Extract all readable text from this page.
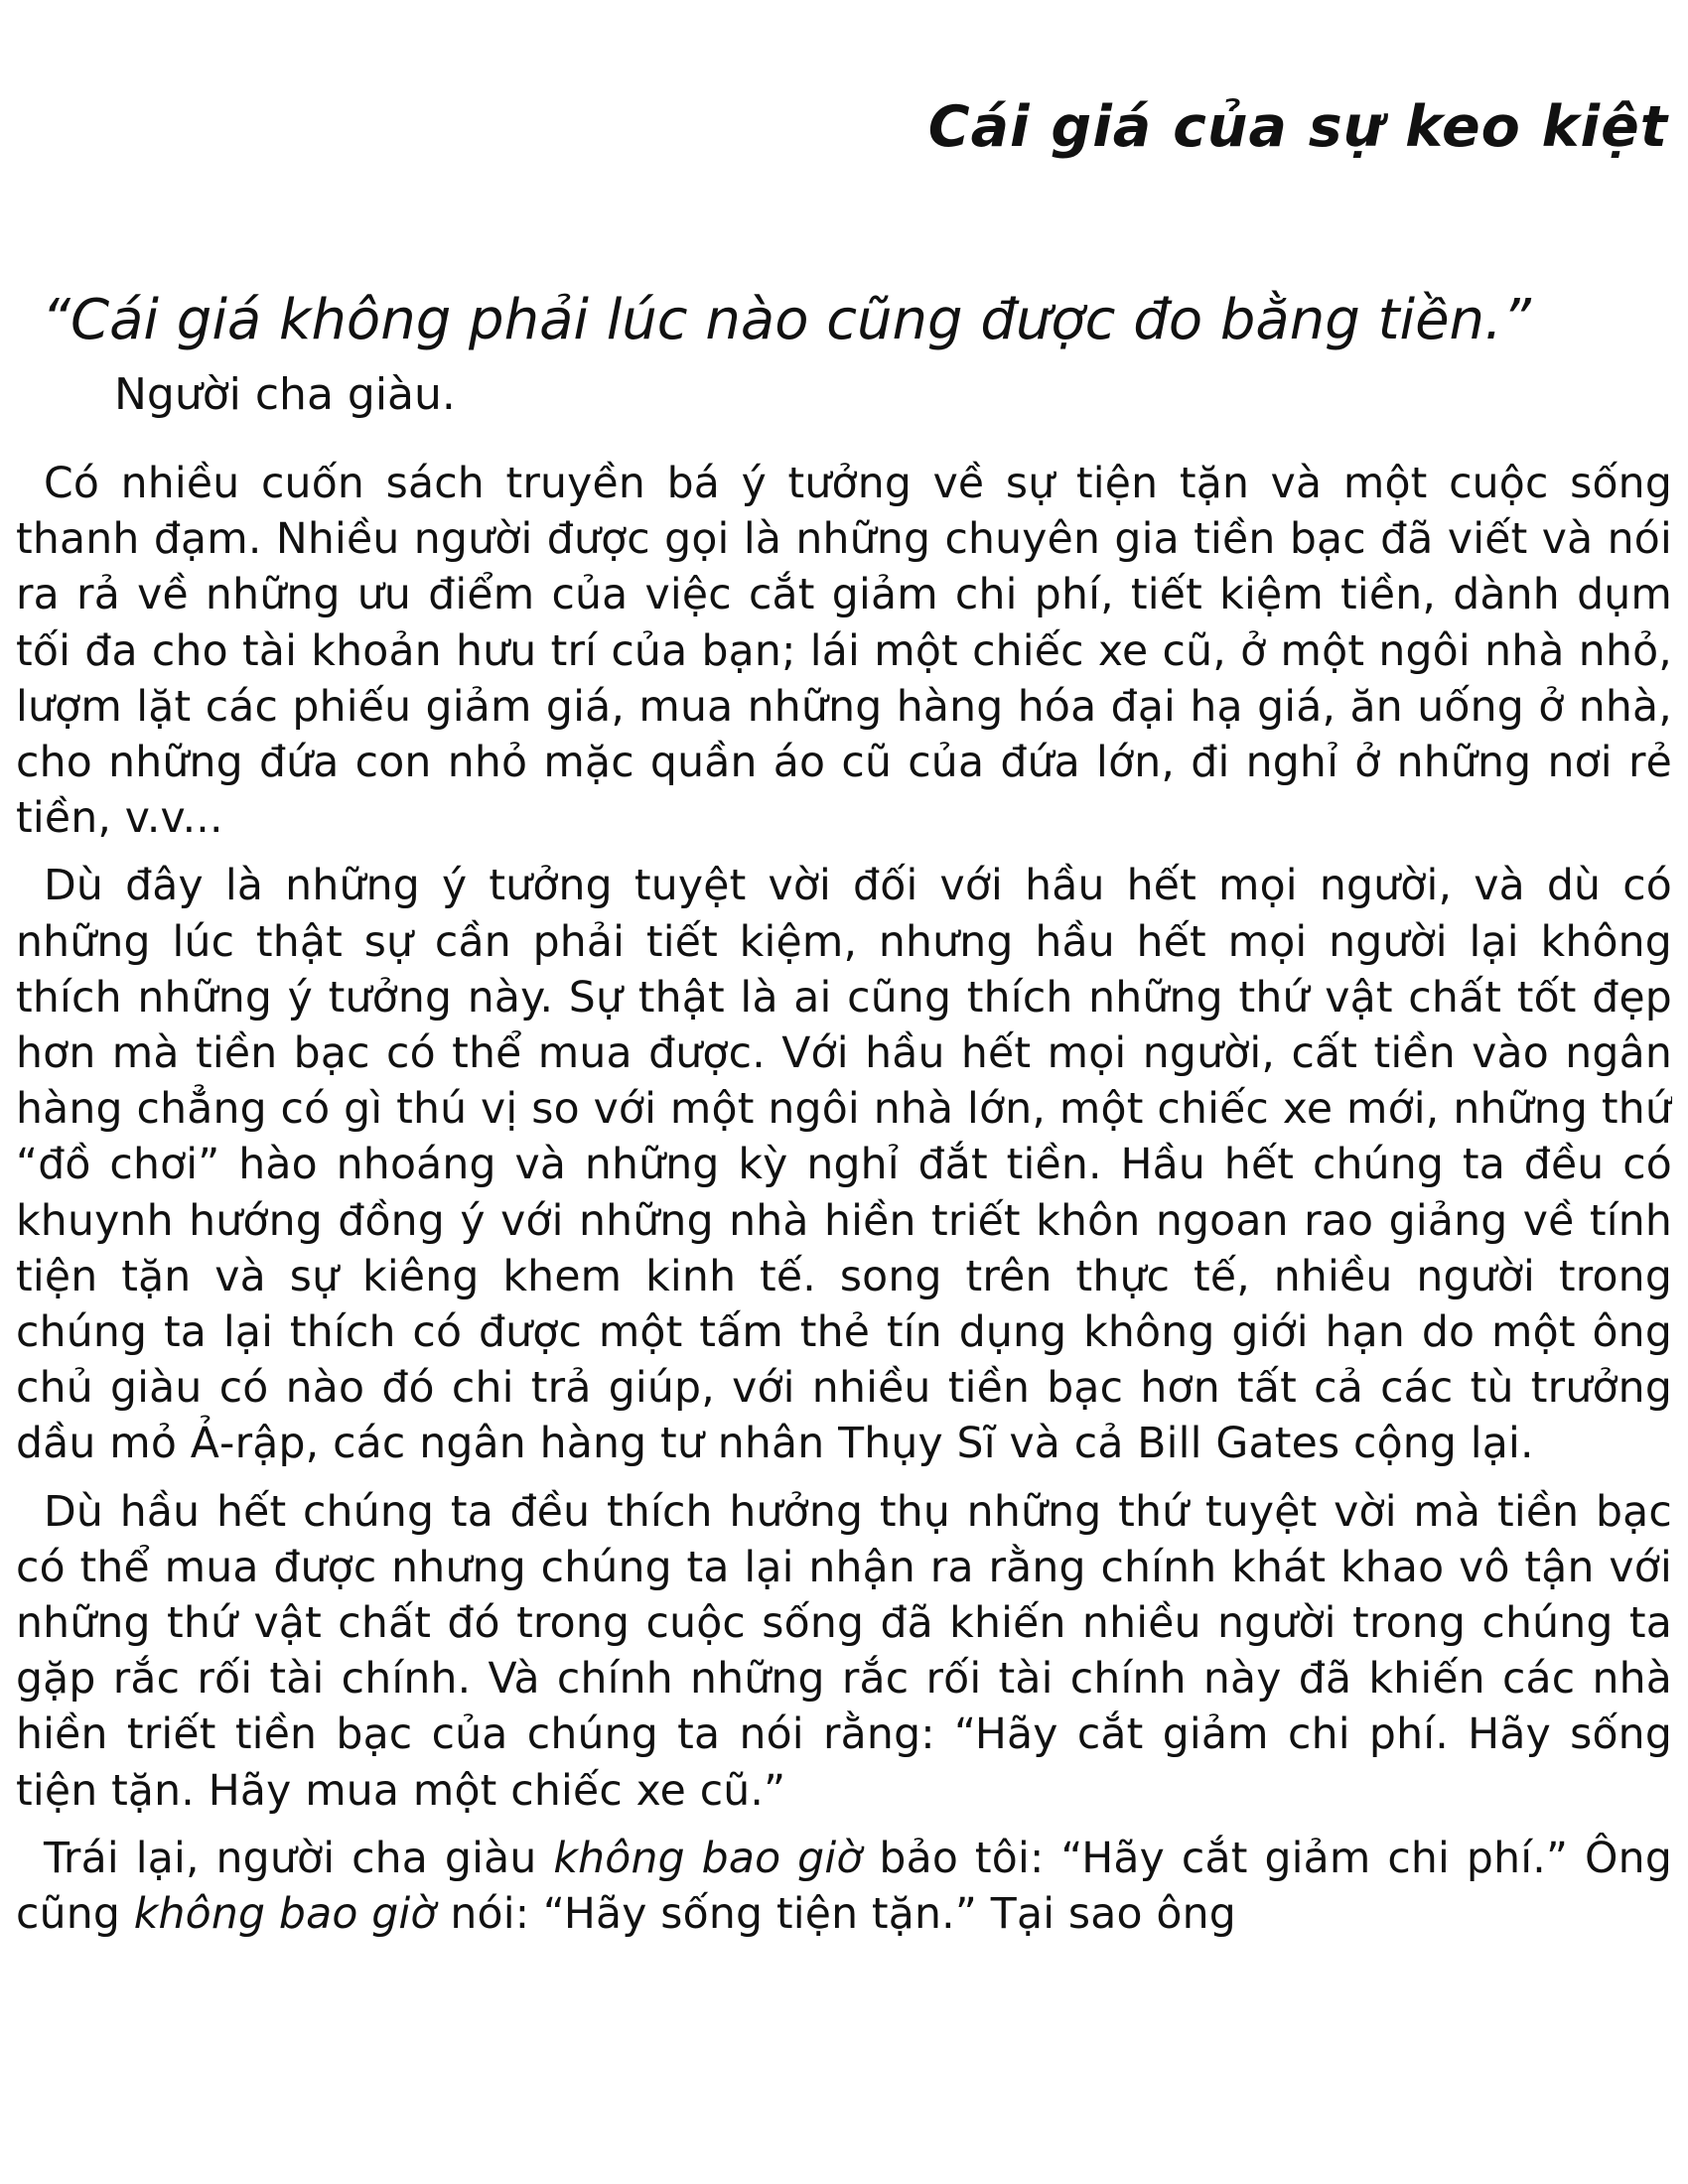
Cái giá của sự keo kiệt

“Cái giá không phải lúc nào cũng được đo bằng tiền.”

Người cha giàu.

Có nhiều cuốn sách truyền bá ý tưởng về sự tiện tặn và một cuộc sống thanh đạm. Nhiều người được gọi là những chuyên gia tiền bạc đã viết và nói ra rả về những ưu điểm của việc cắt giảm chi phí, tiết kiệm tiền, dành dụm tối đa cho tài khoản hưu trí của bạn; lái một chiếc xe cũ, ở một ngôi nhà nhỏ, lượm lặt các phiếu giảm giá, mua những hàng hóa đại hạ giá, ăn uống ở nhà, cho những đứa con nhỏ mặc quần áo cũ của đứa lớn, đi nghỉ ở những nơi rẻ tiền, v.v...

Dù đây là những ý tưởng tuyệt vời đối với hầu hết mọi người, và dù có những lúc thật sự cần phải tiết kiệm, nhưng hầu hết mọi người lại không thích những ý tưởng này. Sự thật là ai cũng thích những thứ vật chất tốt đẹp hơn mà tiền bạc có thể mua được. Với hầu hết mọi người, cất tiền vào ngân hàng chẳng có gì thú vị so với một ngôi nhà lớn, một chiếc xe mới, những thứ “đồ chơi” hào nhoáng và những kỳ nghỉ đắt tiền. Hầu hết chúng ta đều có khuynh hướng đồng ý với những nhà hiền triết khôn ngoan rao giảng về tính tiện tặn và sự kiêng khem kinh tế. song trên thực tế, nhiều người trong chúng ta lại thích có được một tấm thẻ tín dụng không giới hạn do một ông chủ giàu có nào đó chi trả giúp, với nhiều tiền bạc hơn tất cả các tù trưởng dầu mỏ Ả-rập, các ngân hàng tư nhân Thụy Sĩ và cả Bill Gates cộng lại.

Dù hầu hết chúng ta đều thích hưởng thụ những thứ tuyệt vời mà tiền bạc có thể mua được nhưng chúng ta lại nhận ra rằng chính khát khao vô tận với những thứ vật chất đó trong cuộc sống đã khiến nhiều người trong chúng ta gặp rắc rối tài chính. Và chính những rắc rối tài chính này đã khiến các nhà hiền triết tiền bạc của chúng ta nói rằng: “Hãy cắt giảm chi phí. Hãy sống tiện tặn. Hãy mua một chiếc xe cũ.”

Trái lại, người cha giàu không bao giờ bảo tôi: “Hãy cắt giảm chi phí.” Ông cũng không bao giờ nói: “Hãy sống tiện tặn.” Tại sao ông
